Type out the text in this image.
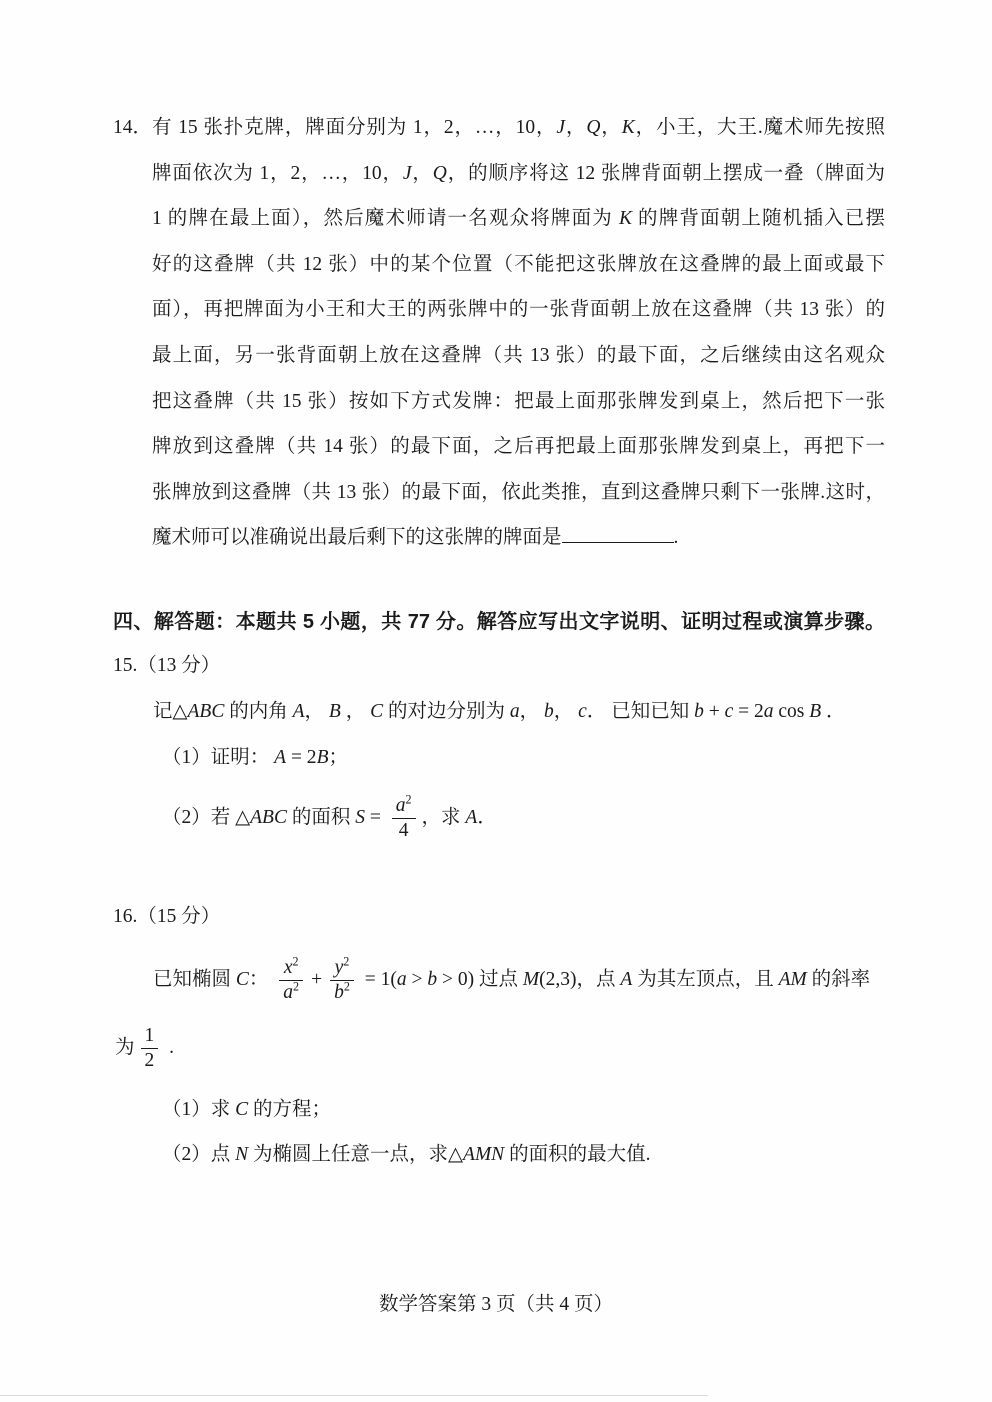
14． 有 15 张扑克牌，牌面分别为 1，2，…，10，J，Q，K，小王，大王.魔术师先按照
牌面依次为 1，2，…，10，J，Q，的顺序将这 12 张牌背面朝上摆成一叠（牌面为
1 的牌在最上面），然后魔术师请一名观众将牌面为 K 的牌背面朝上随机插入已摆
好的这叠牌（共 12 张）中的某个位置（不能把这张牌放在这叠牌的最上面或最下
面），再把牌面为小王和大王的两张牌中的一张背面朝上放在这叠牌（共 13 张）的
最上面，另一张背面朝上放在这叠牌（共 13 张）的最下面，之后继续由这名观众
把这叠牌（共 15 张）按如下方式发牌：把最上面那张牌发到桌上，然后把下一张
牌放到这叠牌（共 14 张）的最下面，之后再把最上面那张牌发到桌上，再把下一
张牌放到这叠牌（共 13 张）的最下面，依此类推，直到这叠牌只剩下一张牌.这时，
魔术师可以准确说出最后剩下的这张牌的牌面是	.
四、解答题：本题共 5 小题，共 77 分。解答应写出文字说明、证明过程或演算步骤。
15.（13 分）
记△ABC 的内角 A， B ， C 的对边分别为 a， b， c． 已知已知 b + c = 2a cos B ．
（1）证明： A = 2B；
（2）若 △ABC 的面积 $S = \frac{a^2}{4}$ ，求 A．
16.（15 分）
已知椭圆 C： $\frac{x^2}{a^2} + \frac{y^2}{b^2} = 1(a > b > 0)$ 过点 M(2,3)，点 A 为其左顶点，且 AM 的斜率
为 $\frac{1}{2}$ .
（1）求 C 的方程；
（2）点 N 为椭圆上任意一点，求△AMN 的面积的最大值.
数学答案第 3 页（共 4 页）
